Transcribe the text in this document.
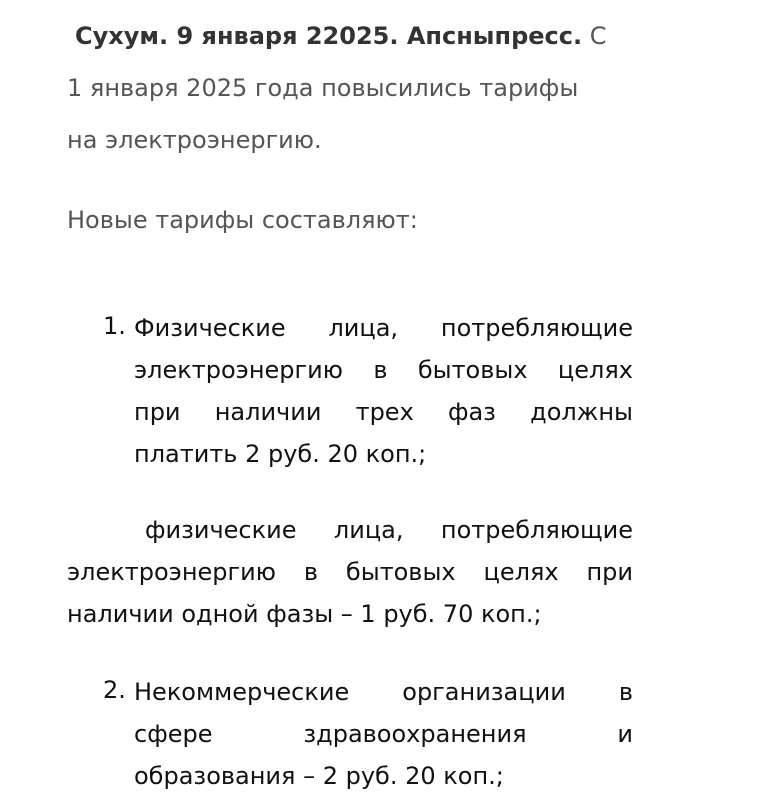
Сухум. 9 января 22025. Апсныпресс. С

1 января 2025 года повысились тарифы

на электроэнергию.

Новые тарифы составляют:

1. Физические лица, потребляющие
электроэнергию в бытовых целях
при наличии трех фаз должны
платить 2 руб. 20 коп.;
физические лица, потребляющие
электроэнергию в бытовых целях при
наличии одной фазы – 1 руб. 70 коп.;
2. Некоммерческие организации в
сфере здравоохранения и
образования – 2 руб. 20 коп.;
